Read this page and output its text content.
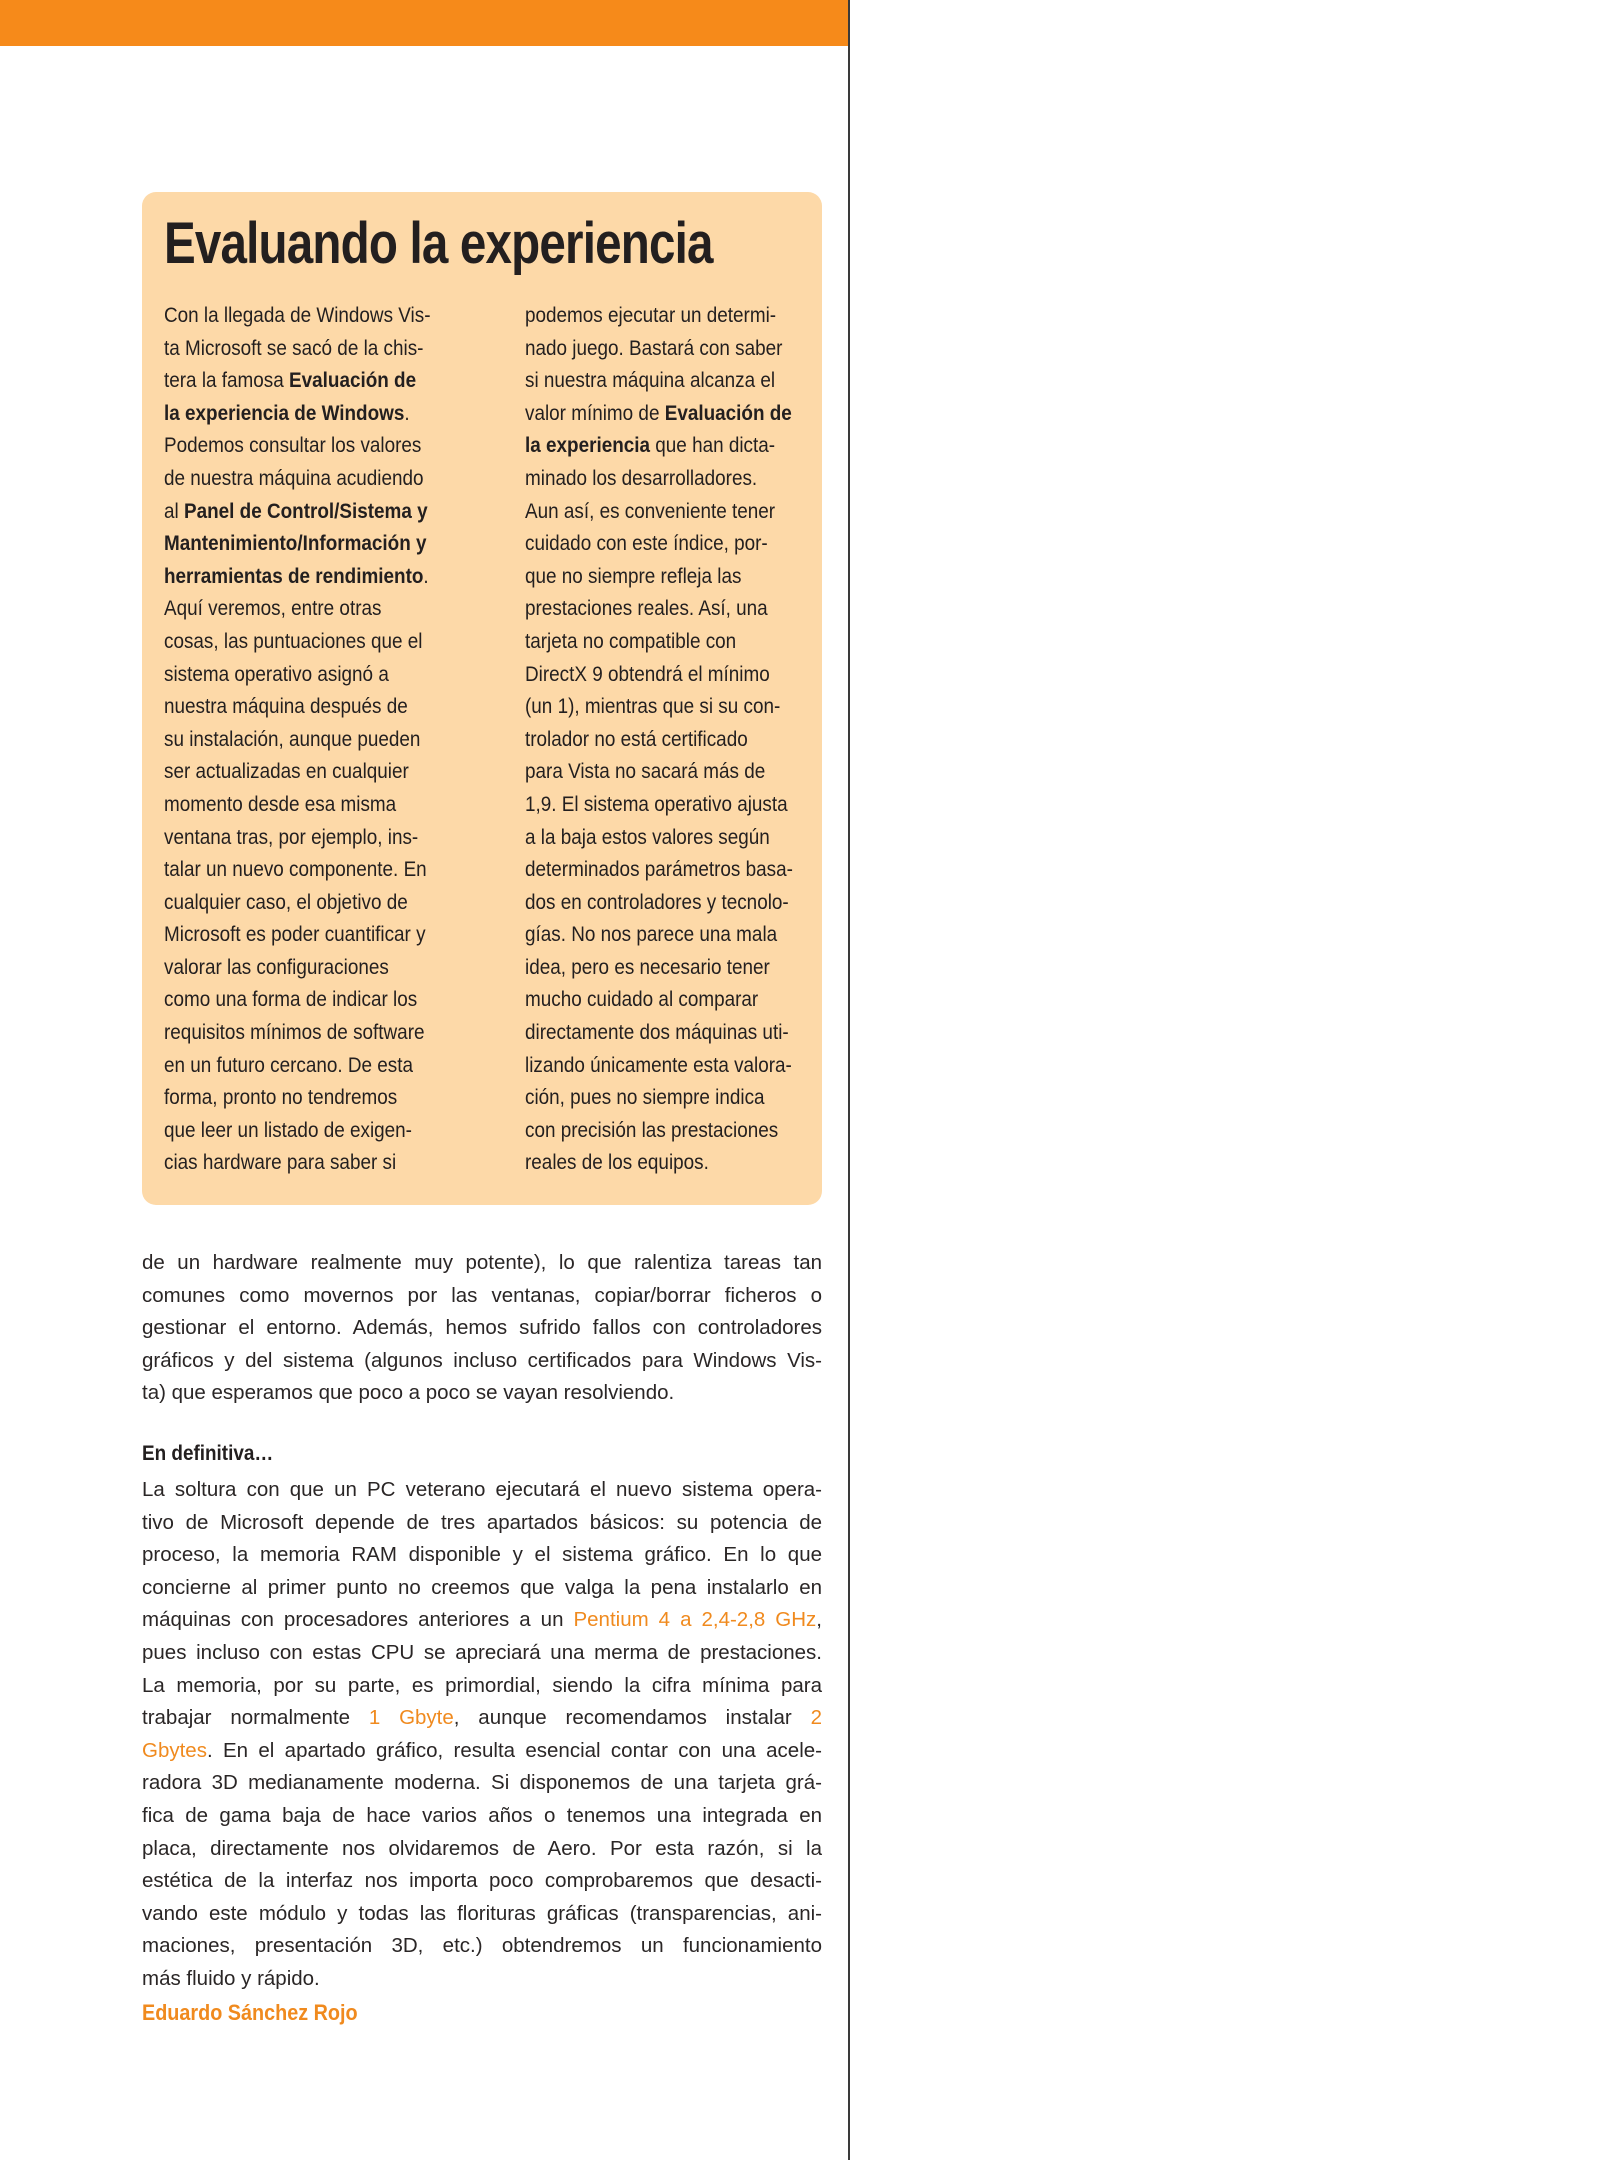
Evaluando la experiencia
Con la llegada de Windows Vis-
ta Microsoft se sacó de la chis-
tera la famosa Evaluación de
la experiencia de Windows.
Podemos consultar los valores
de nuestra máquina acudiendo
al Panel de Control/Sistema y
Mantenimiento/Información y
herramientas de rendimiento.
Aquí veremos, entre otras
cosas, las puntuaciones que el
sistema operativo asignó a
nuestra máquina después de
su instalación, aunque pueden
ser actualizadas en cualquier
momento desde esa misma
ventana tras, por ejemplo, ins-
talar un nuevo componente. En
cualquier caso, el objetivo de
Microsoft es poder cuantificar y
valorar las configuraciones
como una forma de indicar los
requisitos mínimos de software
en un futuro cercano. De esta
forma, pronto no tendremos
que leer un listado de exigen-
cias hardware para saber si
podemos ejecutar un determi-
nado juego. Bastará con saber
si nuestra máquina alcanza el
valor mínimo de Evaluación de
la experiencia que han dicta-
minado los desarrolladores.
Aun así, es conveniente tener
cuidado con este índice, por-
que no siempre refleja las
prestaciones reales. Así, una
tarjeta no compatible con
DirectX 9 obtendrá el mínimo
(un 1), mientras que si su con-
trolador no está certificado
para Vista no sacará más de
1,9. El sistema operativo ajusta
a la baja estos valores según
determinados parámetros basa-
dos en controladores y tecnolo-
gías. No nos parece una mala
idea, pero es necesario tener
mucho cuidado al comparar
directamente dos máquinas uti-
lizando únicamente esta valora-
ción, pues no siempre indica
con precisión las prestaciones
reales de los equipos.
de un hardware realmente muy potente), lo que ralentiza tareas tan
comunes como movernos por las ventanas, copiar/borrar ficheros o
gestionar el entorno. Además, hemos sufrido fallos con controladores
gráficos y del sistema (algunos incluso certificados para Windows Vis-
ta) que esperamos que poco a poco se vayan resolviendo.
En definitiva…
La soltura con que un PC veterano ejecutará el nuevo sistema opera-
tivo de Microsoft depende de tres apartados básicos: su potencia de
proceso, la memoria RAM disponible y el sistema gráfico. En lo que
concierne al primer punto no creemos que valga la pena instalarlo en
máquinas con procesadores anteriores a un Pentium 4 a 2,4-2,8 GHz,
pues incluso con estas CPU se apreciará una merma de prestaciones.
La memoria, por su parte, es primordial, siendo la cifra mínima para
trabajar normalmente 1 Gbyte, aunque recomendamos instalar 2
Gbytes. En el apartado gráfico, resulta esencial contar con una acele-
radora 3D medianamente moderna. Si disponemos de una tarjeta grá-
fica de gama baja de hace varios años o tenemos una integrada en
placa, directamente nos olvidaremos de Aero. Por esta razón, si la
estética de la interfaz nos importa poco comprobaremos que desacti-
vando este módulo y todas las florituras gráficas (transparencias, ani-
maciones, presentación 3D, etc.) obtendremos un funcionamiento
más fluido y rápido.
Eduardo Sánchez Rojo
